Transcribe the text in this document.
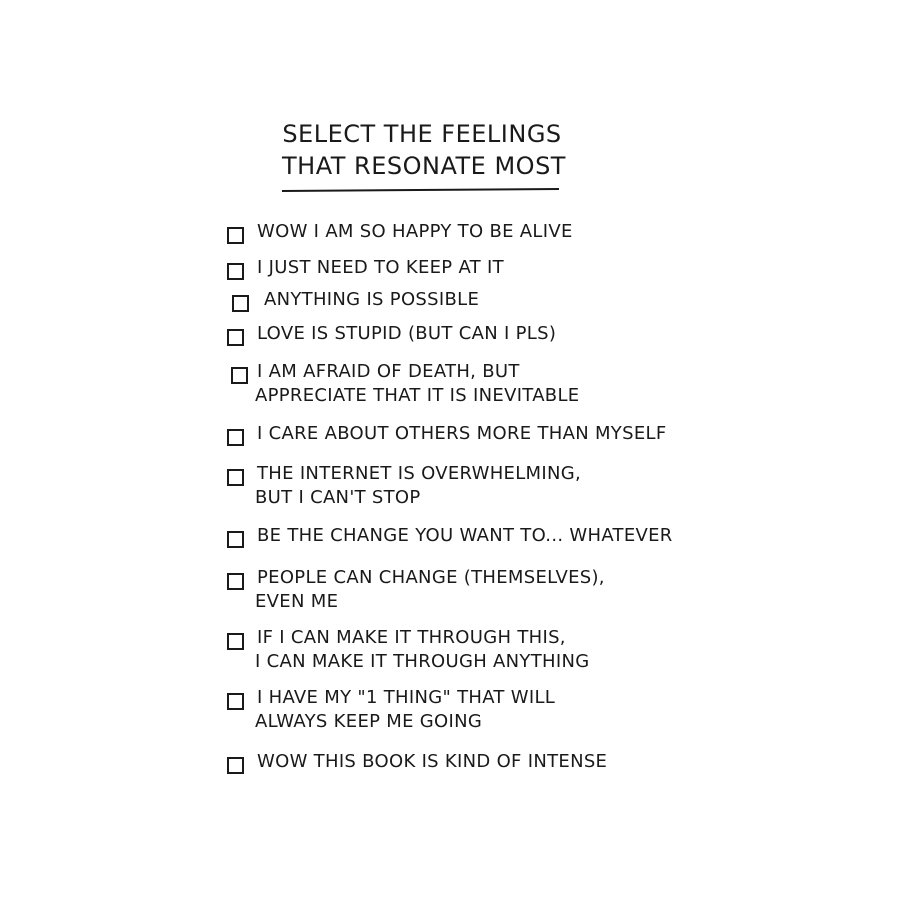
SELECT THE FEELINGS
THAT RESONATE MOST
WOW I AM SO HAPPY TO BE ALIVE
I JUST NEED TO KEEP AT IT
ANYTHING IS POSSIBLE
LOVE IS STUPID (BUT CAN I PLS)
I AM AFRAID OF DEATH, BUT
APPRECIATE THAT IT IS INEVITABLE
I CARE ABOUT OTHERS MORE THAN MYSELF
THE INTERNET IS OVERWHELMING,
BUT I CAN'T STOP
BE THE CHANGE YOU WANT TO... WHATEVER
PEOPLE CAN CHANGE (THEMSELVES),
EVEN ME
IF I CAN MAKE IT THROUGH THIS,
I CAN MAKE IT THROUGH ANYTHING
I HAVE MY "1 THING" THAT WILL
ALWAYS KEEP ME GOING
WOW THIS BOOK IS KIND OF INTENSE
